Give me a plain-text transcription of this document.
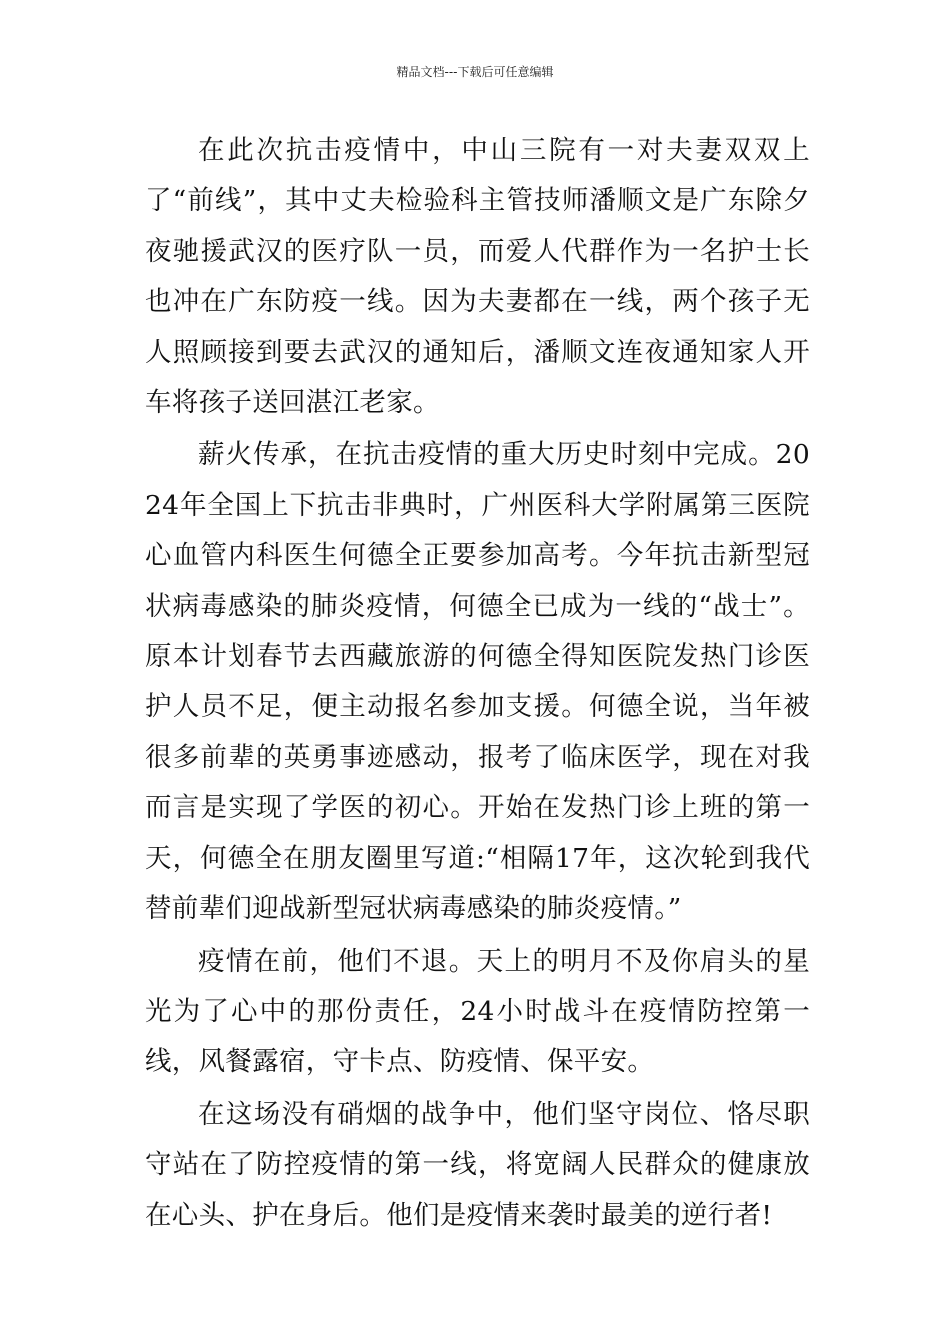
精品文档---下载后可任意编辑

在此次抗击疫情中，中山三院有一对夫妻双双上了“前线”，其中丈夫检验科主管技师潘顺文是广东除夕夜驰援武汉的医疗队一员，而爱人代群作为一名护士长也冲在广东防疫一线。因为夫妻都在一线，两个孩子无人照顾接到要去武汉的通知后，潘顺文连夜通知家人开车将孩子送回湛江老家。

薪火传承，在抗击疫情的重大历史时刻中完成。2024年全国上下抗击非典时，广州医科大学附属第三医院心血管内科医生何德全正要参加高考。今年抗击新型冠状病毒感染的肺炎疫情，何德全已成为一线的“战士”。原本计划春节去西藏旅游的何德全得知医院发热门诊医护人员不足，便主动报名参加支援。何德全说，当年被很多前辈的英勇事迹感动，报考了临床医学，现在对我而言是实现了学医的初心。开始在发热门诊上班的第一天，何德全在朋友圈里写道:“相隔17年，这次轮到我代替前辈们迎战新型冠状病毒感染的肺炎疫情。”

疫情在前，他们不退。天上的明月不及你肩头的星光为了心中的那份责任，24小时战斗在疫情防控第一线，风餐露宿，守卡点、防疫情、保平安。

在这场没有硝烟的战争中，他们坚守岗位、恪尽职守站在了防控疫情的第一线，将宽阔人民群众的健康放在心头、护在身后。他们是疫情来袭时最美的逆行者!
